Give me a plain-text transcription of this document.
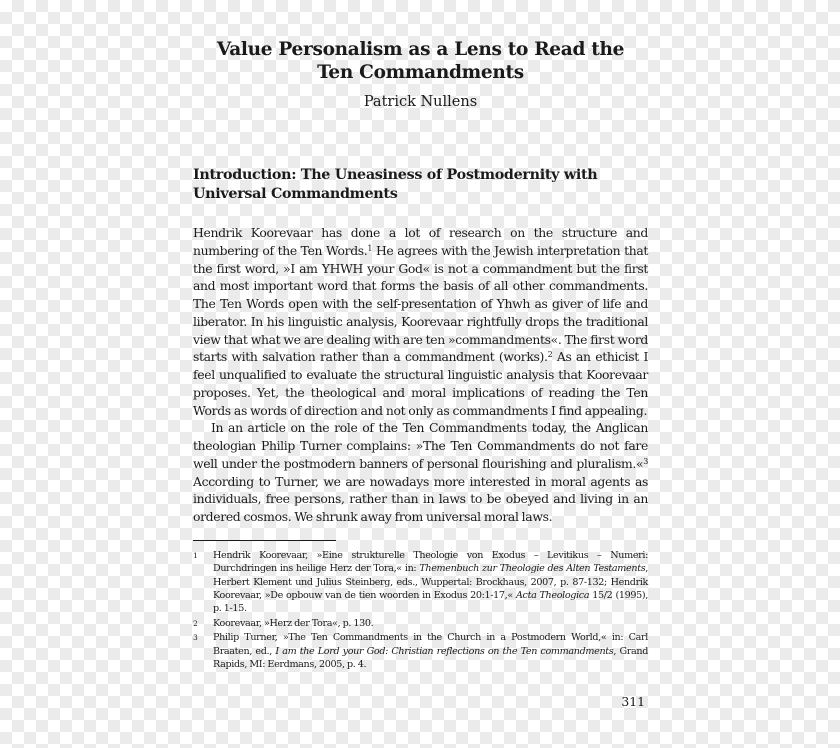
Value Personalism as a Lens to Read the
Ten Commandments
Patrick Nullens
Introduction: The Uneasiness of Postmodernity with
Universal Commandments

Hendrik Koorevaar has done a lot of research on the structure and numbering of the Ten Words.$^1$ He agrees with the Jewish interpretation that the first word, »I am YHWH your God« is not a commandment but the first and most important word that forms the basis of all other commandments. The Ten Words open with the self-presentation of Yhwh as giver of life and liberator. In his linguistic analysis, Koorevaar rightfully drops the traditional view that what we are dealing with are ten »commandments«. The first word starts with salvation rather than a commandment (works).$^2$ As an ethicist I feel unqualified to evaluate the structural linguistic analysis that Koorevaar proposes. Yet, the theological and moral implications of reading the Ten Words as words of direction and not only as commandments I find appealing.

In an article on the role of the Ten Commandments today, the Anglican theologian Philip Turner complains: »The Ten Commandments do not fare well under the postmodern banners of personal flourishing and pluralism.«$^3$ According to Turner, we are nowadays more interested in moral agents as individuals, free persons, rather than in laws to be obeyed and living in an ordered cosmos. We shrunk away from universal moral laws.

1 Hendrik Koorevaar, »Eine strukturelle Theologie von Exodus – Levitikus – Numeri: Durchdringen ins heilige Herz der Tora,« in: Themenbuch zur Theologie des Alten Testaments, Herbert Klement und Julius Steinberg, eds., Wuppertal: Brockhaus, 2007, p. 87-132; Hendrik Koorevaar, »De opbouw van de tien woorden in Exodus 20:1-17,« Acta Theologica 15/2 (1995), p. 1-15.
2 Koorevaar, »Herz der Tora«, p. 130.
3 Philip Turner, »The Ten Commandments in the Church in a Postmodern World,« in: Carl Braaten, ed., I am the Lord your God: Christian reflections on the Ten commandments, Grand Rapids, MI: Eerdmans, 2005, p. 4.
311
